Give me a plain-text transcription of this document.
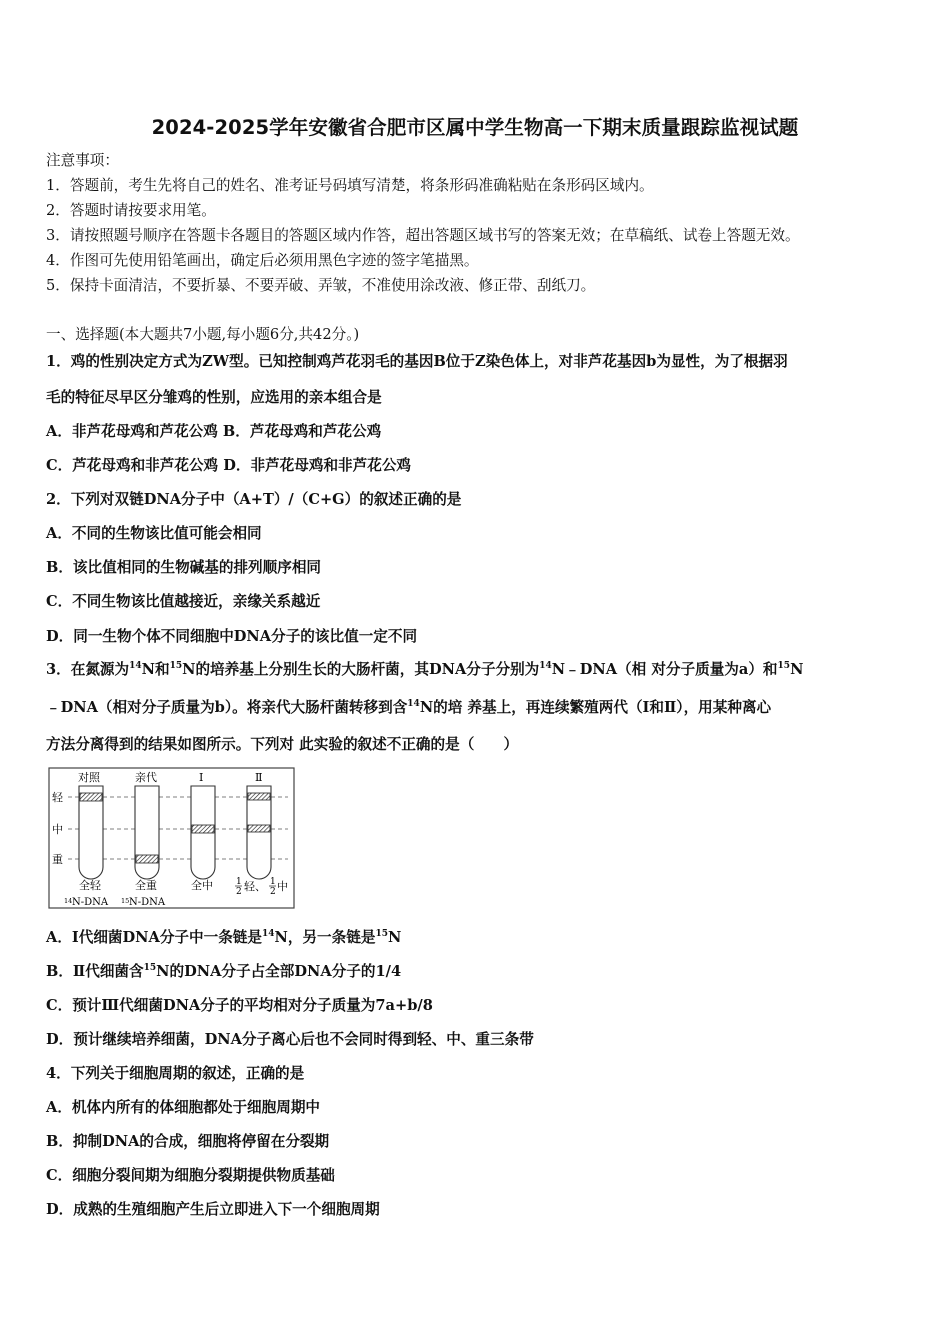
2024-2025学年安徽省合肥市区属中学生物高一下期末质量跟踪监视试题
注意事项：
1．答题前，考生先将自己的姓名、准考证号码填写清楚，将条形码准确粘贴在条形码区域内。
2．答题时请按要求用笔。
3．请按照题号顺序在答题卡各题目的答题区域内作答，超出答题区域书写的答案无效；在草稿纸、试卷上答题无效。
4．作图可先使用铅笔画出，确定后必须用黑色字迹的签字笔描黑。
5．保持卡面清洁，不要折暴、不要弄破、弄皱，不准使用涂改液、修正带、刮纸刀。
一、选择题(本大题共7小题,每小题6分,共42分。)
1．鸡的性别决定方式为ZW型。已知控制鸡芦花羽毛的基因B位于Z染色体上，对非芦花基因b为显性，为了根据羽
毛的特征尽早区分雏鸡的性别，应选用的亲本组合是
A．非芦花母鸡和芦花公鸡 B．芦花母鸡和芦花公鸡
C．芦花母鸡和非芦花公鸡 D．非芦花母鸡和非芦花公鸡
2．下列对双链DNA分子中（A+T）/（C+G）的叙述正确的是
A．不同的生物该比值可能会相同
B．该比值相同的生物碱基的排列顺序相同
C．不同生物该比值越接近，亲缘关系越近
D．同一生物个体不同细胞中DNA分子的该比值一定不同
3．在氮源为$^{14}$N和$^{15}$N的培养基上分别生长的大肠杆菌，其DNA分子分别为$^{14}$N﹣DNA（相 对分子质量为a）和$^{15}$N
﹣DNA（相对分子质量为b）。将亲代大肠杆菌转移到含$^{14}$N的培 养基上，再连续繁殖两代（Ⅰ和Ⅱ），用某种离心
方法分离得到的结果如图所示。下列对 此实验的叙述不正确的是（　　）
轻
中
重
对照	亲代	Ⅰ	Ⅱ
全轻	全重	全中	1
2 轻、 1
2 中
14 N-DNA 15 N-DNA
A．Ⅰ代细菌DNA分子中一条链是$^{14}$N，另一条链是$^{15}$N
B．Ⅱ代细菌含$^{15}$N的DNA分子占全部DNA分子的1/4
C．预计Ⅲ代细菌DNA分子的平均相对分子质量为7a+b/8
D．预计继续培养细菌，DNA分子离心后也不会同时得到轻、中、重三条带
4．下列关于细胞周期的叙述，正确的是
A．机体内所有的体细胞都处于细胞周期中
B．抑制DNA的合成，细胞将停留在分裂期
C．细胞分裂间期为细胞分裂期提供物质基础
D．成熟的生殖细胞产生后立即进入下一个细胞周期
